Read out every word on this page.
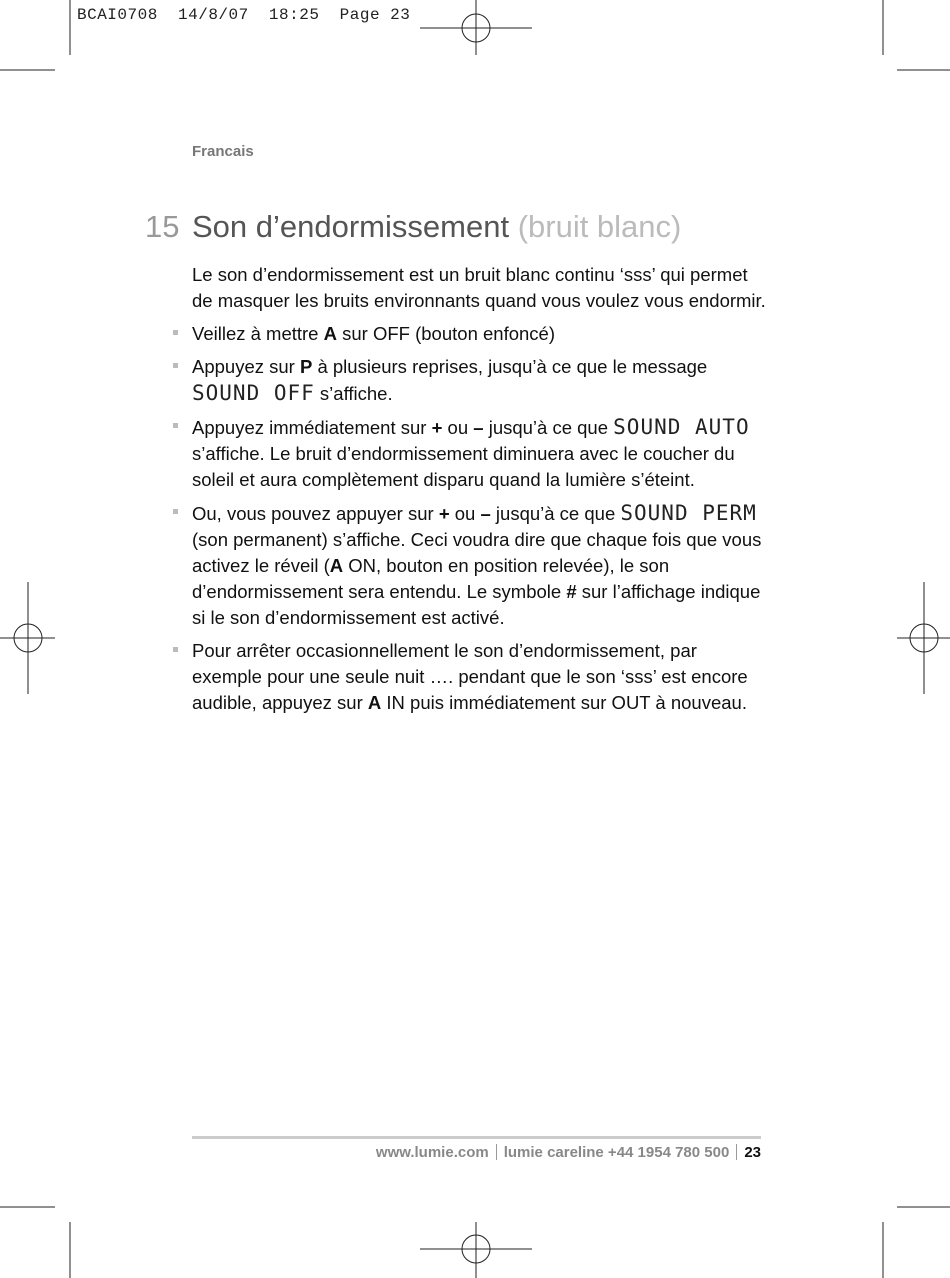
BCAI0708  14/8/07  18:25  Page 23
Francais
15 Son d’endormissement (bruit blanc)

Le son d’endormissement est un bruit blanc continu ‘sss’ qui permet de masquer les bruits environnants quand vous voulez vous endormir.

Veillez à mettre A sur OFF (bouton enfoncé)
Appuyez sur P à plusieurs reprises, jusqu’à ce que le message SOUND OFF s’affiche.
Appuyez immédiatement sur + ou – jusqu’à ce que SOUND AUTO s’affiche. Le bruit d’endormissement diminuera avec le coucher du soleil et aura complètement disparu quand la lumière s’éteint.
Ou, vous pouvez appuyer sur + ou – jusqu’à ce que SOUND PERM (son permanent) s’affiche. Ceci voudra dire que chaque fois que vous activez le réveil (A ON, bouton en position relevée), le son d’endormissement sera entendu. Le symbole # sur l’affichage indique si le son d’endormissement est activé.
Pour arrêter occasionnellement le son d’endormissement, par exemple pour une seule nuit …. pendant que le son ‘sss’ est encore audible, appuyez sur A IN puis immédiatement sur OUT à nouveau.
www.lumie.com lumie careline +44 1954 780 500 23
